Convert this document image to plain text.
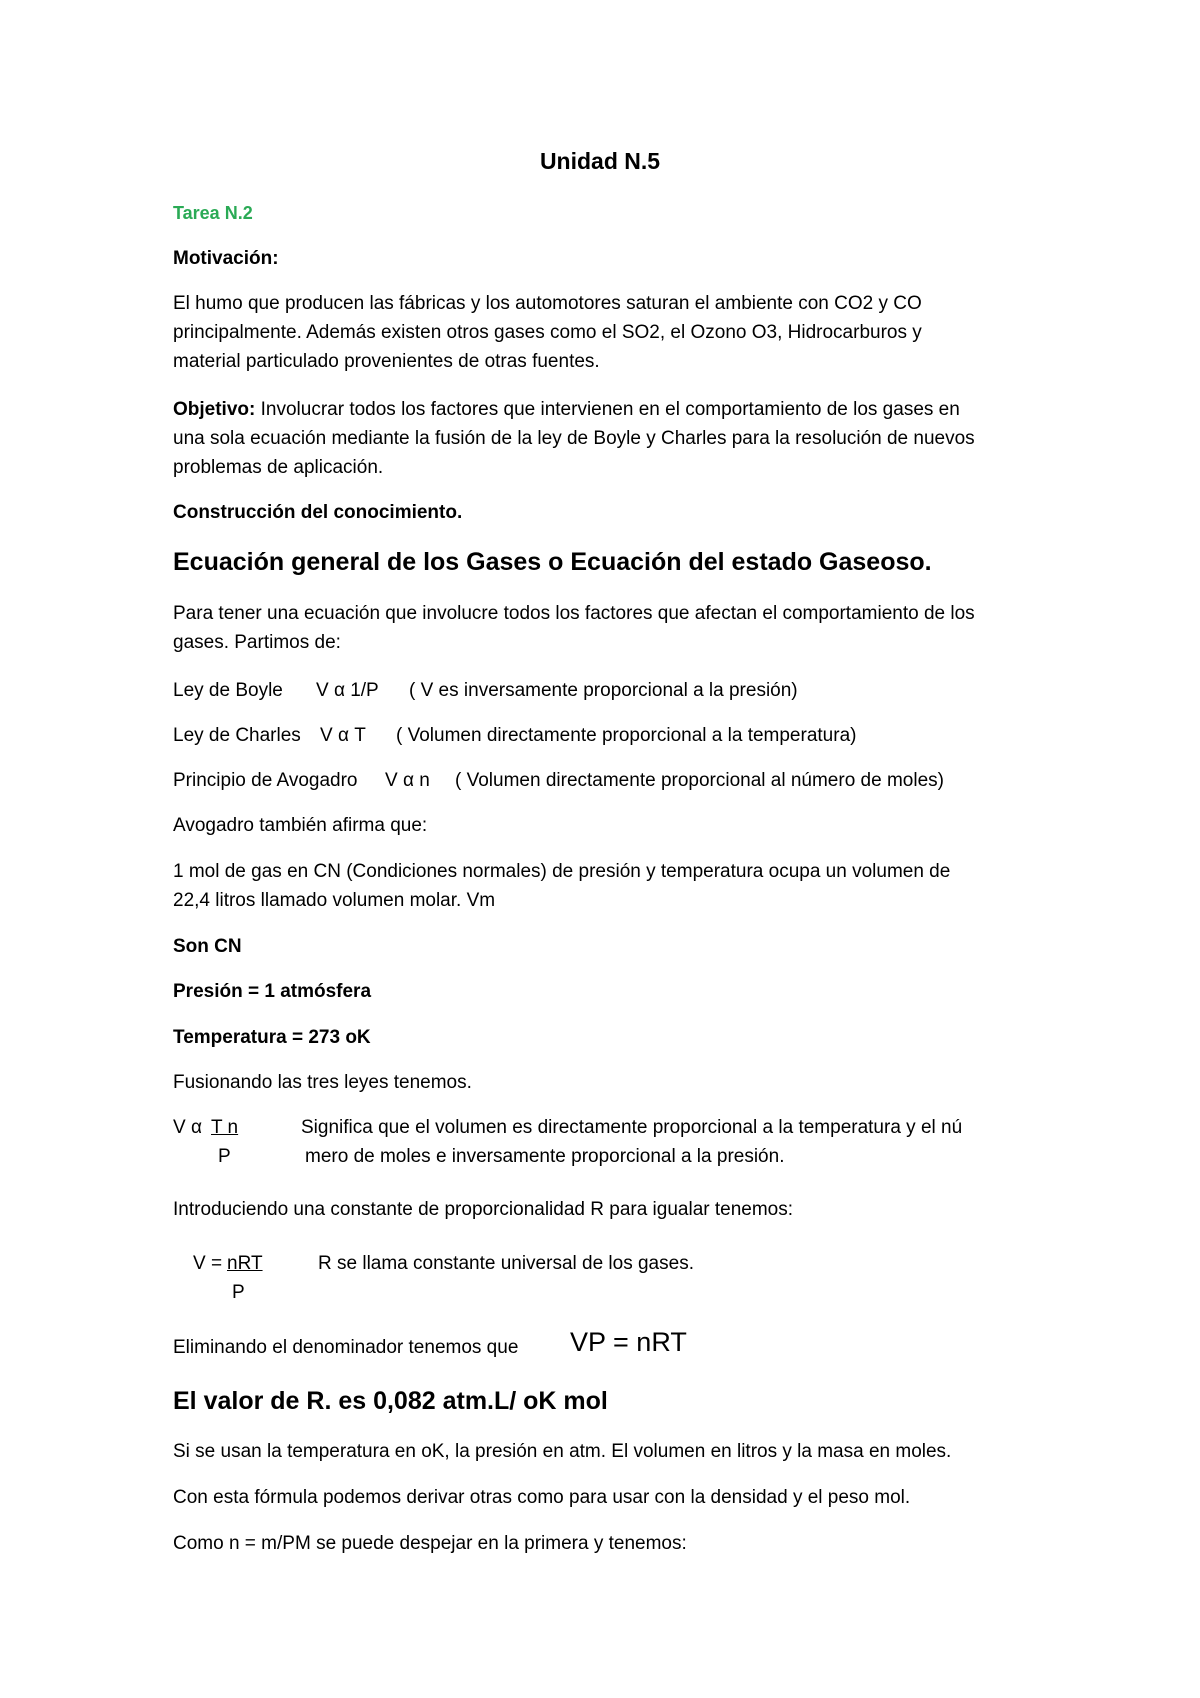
Unidad N.5
Tarea N.2
Motivación:
El humo que producen las fábricas y los automotores saturan el ambiente con CO2 y CO
principalmente. Además existen otros gases como el SO2, el Ozono O3, Hidrocarburos y
material particulado provenientes de otras fuentes.
Objetivo: Involucrar todos los factores que intervienen en el comportamiento de los gases en
una sola ecuación mediante la fusión de la ley de Boyle y Charles para la resolución de nuevos
problemas de aplicación.
Construcción del conocimiento.
Ecuación general de los Gases o Ecuación del estado Gaseoso.
Para tener una ecuación que involucre todos los factores que afectan el comportamiento de los
gases. Partimos de:
Ley de Boyle V α 1/P ( V es inversamente proporcional a la presión)
Ley de Charles V α T ( Volumen directamente proporcional a la temperatura)
Principio de Avogadro V α n ( Volumen directamente proporcional al número de moles)
Avogadro también afirma que:
1 mol de gas en CN (Condiciones normales) de presión y temperatura ocupa un volumen de
22,4 litros llamado volumen molar. Vm
Son CN
Presión = 1 atmósfera
Temperatura = 273 oK
Fusionando las tres leyes tenemos.
V α T n
P
Significa que el volumen es directamente proporcional a la temperatura y el nú
mero de moles e inversamente proporcional a la presión.
Introduciendo una constante de proporcionalidad R para igualar tenemos:
V = nRT
P
R se llama constante universal de los gases.
Eliminando el denominador tenemos que VP = nRT
El valor de R. es 0,082 atm.L/ oK mol
Si se usan la temperatura en oK, la presión en atm. El volumen en litros y la masa en moles.
Con esta fórmula podemos derivar otras como para usar con la densidad y el peso mol.
Como n = m/PM se puede despejar en la primera y tenemos:
